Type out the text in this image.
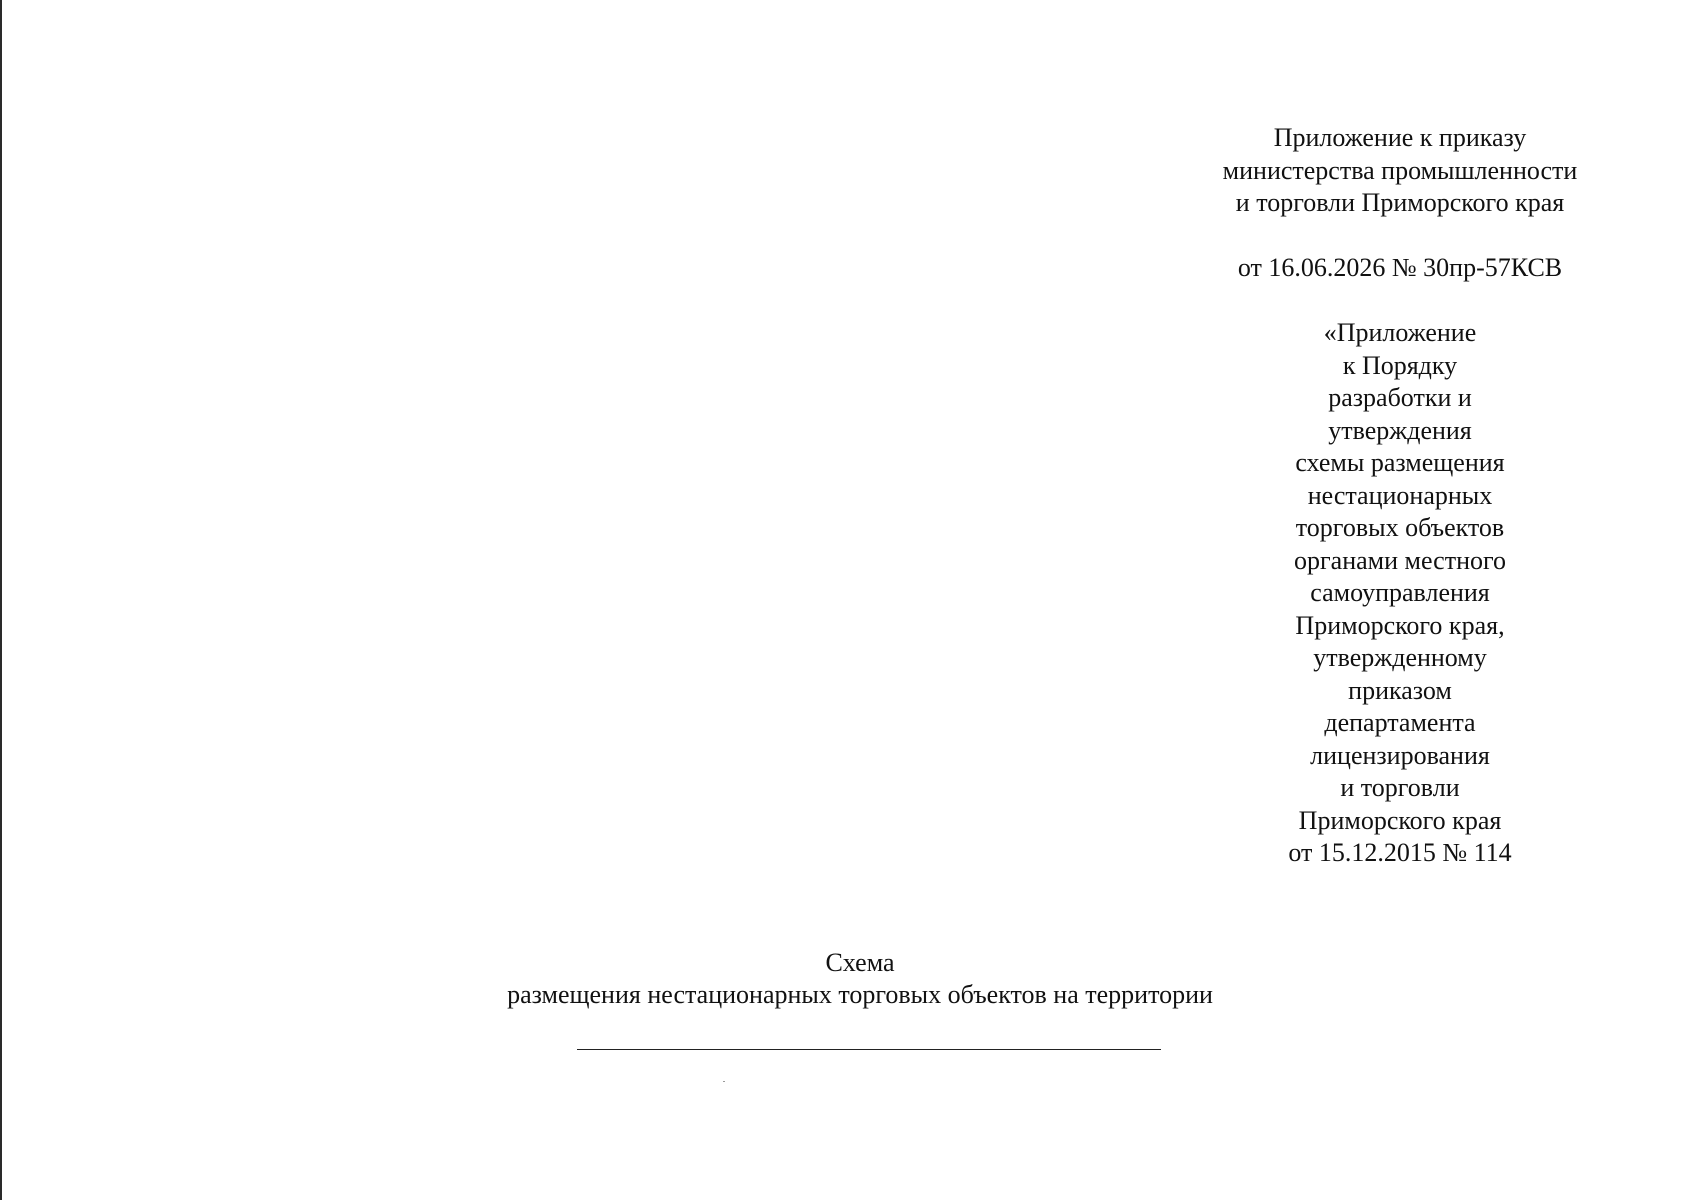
Приложение к приказу
министерства промышленности
и торговли Приморского края
от 16.06.2026 № 30пр-57КСВ
«Приложение
к Порядку
разработки и
утверждения
схемы размещения
нестационарных
торговых объектов
органами местного
самоуправления
Приморского края,
утвержденному
приказом
департамента
лицензирования
и торговли
Приморского края
от 15.12.2015 № 114
Схема
размещения нестационарных торговых объектов на территории
